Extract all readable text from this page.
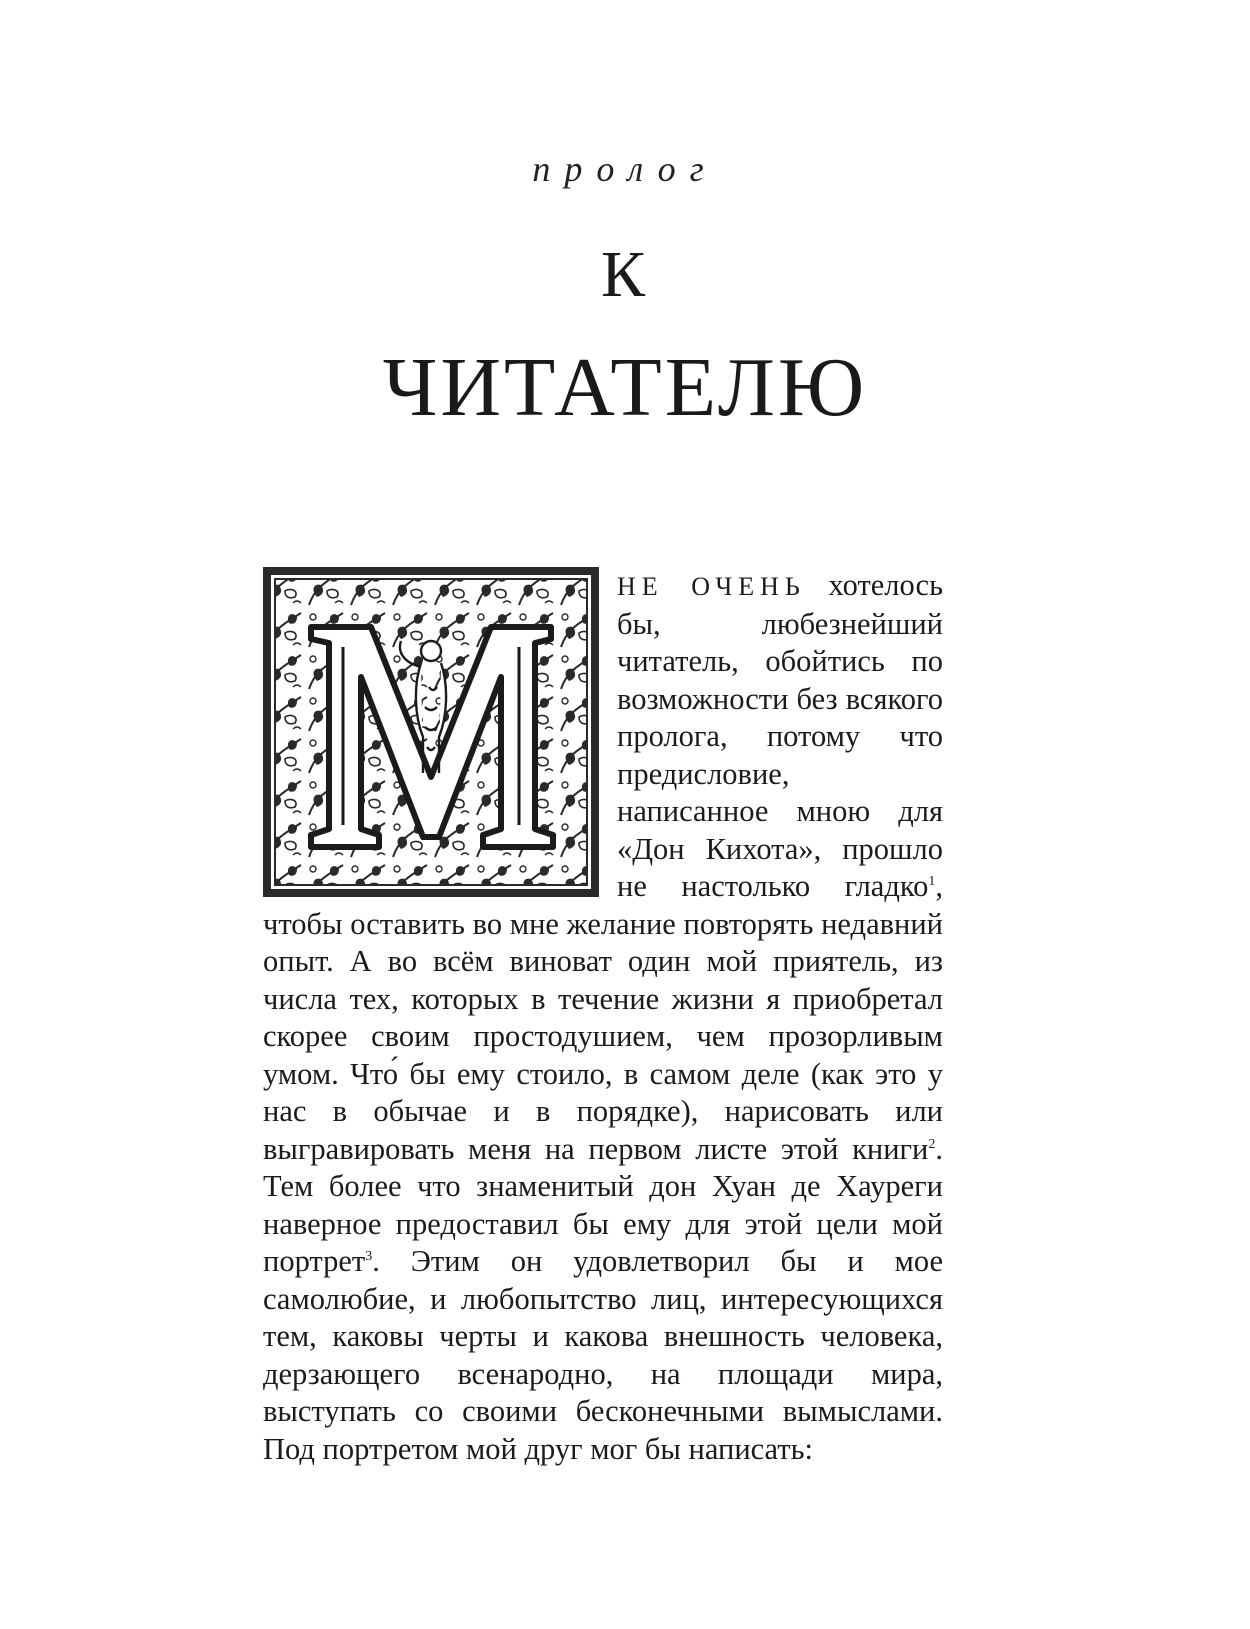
пролог
К
ЧИТАТЕЛЮ

НЕ ОЧЕНЬ хотелось бы, любезнейший читатель, обойтись по возможности без всякого пролога, потому что предисловие, написанное мною для «Дон Кихота», прошло не настолько гладко$^1$, чтобы оставить во мне желание повторять недавний опыт. А во всём виноват один мой приятель, из числа тех, которых в течение жизни я приобретал скорее своим простодушием, чем прозорливым умом. Что́ бы ему стоило, в самом деле (как это у нас в обычае и в порядке), нарисовать или выгравировать меня на первом листе этой книги$^2$. Тем более что знаменитый дон Хуан де Хауреги наверное предоставил бы ему для этой цели мой портрет$^3$. Этим он удовлетворил бы и мое самолюбие, и любопытство лиц, интересующихся тем, каковы черты и какова внешность человека, дерзающего всенародно, на площади мира, выступать со своими бесконечными вымыслами. Под портретом мой друг мог бы написать:
